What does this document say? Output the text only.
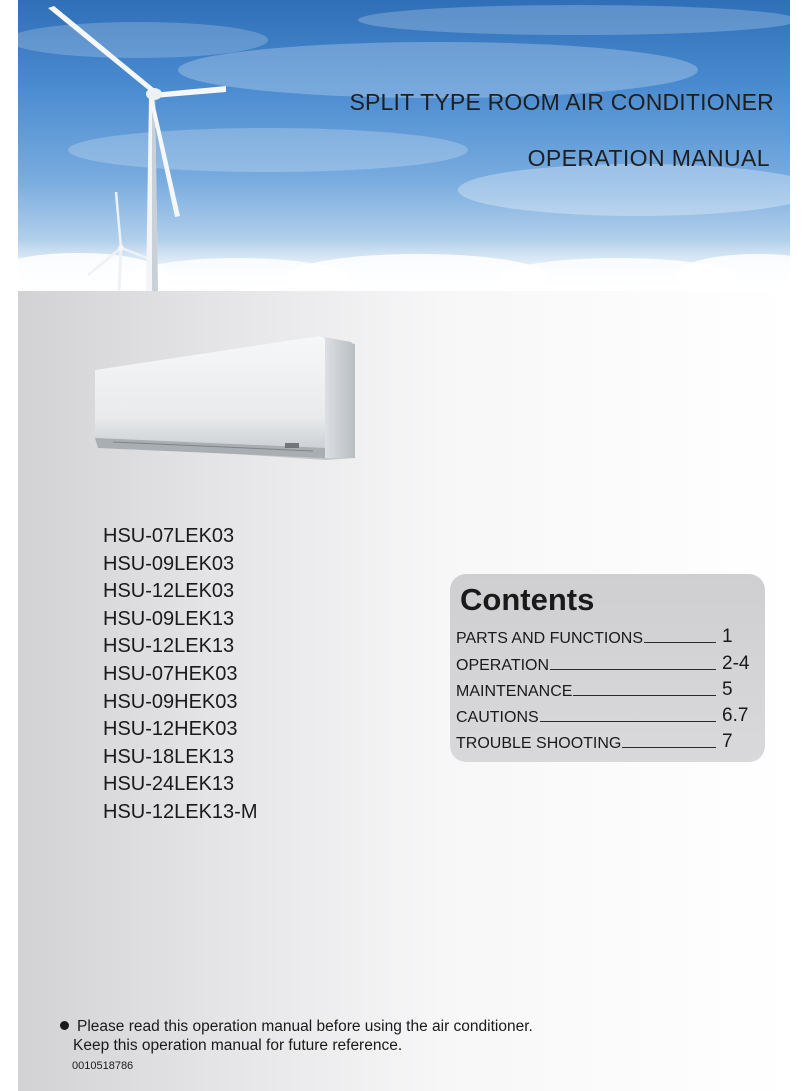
SPLIT TYPE ROOM AIR CONDITIONER
OPERATION MANUAL
HSU-07LEK03
HSU-09LEK03
HSU-12LEK03
HSU-09LEK13
HSU-12LEK13
HSU-07HEK03
HSU-09HEK03
HSU-12HEK03
HSU-18LEK13
HSU-24LEK13
HSU-12LEK13-M
Contents
PARTS AND FUNCTIONS	1
OPERATION	2-4
MAINTENANCE	5
CAUTIONS	6.7
TROUBLE SHOOTING	7
Please read this operation manual before using the air conditioner.
Keep this operation manual for future reference.
0010518786
